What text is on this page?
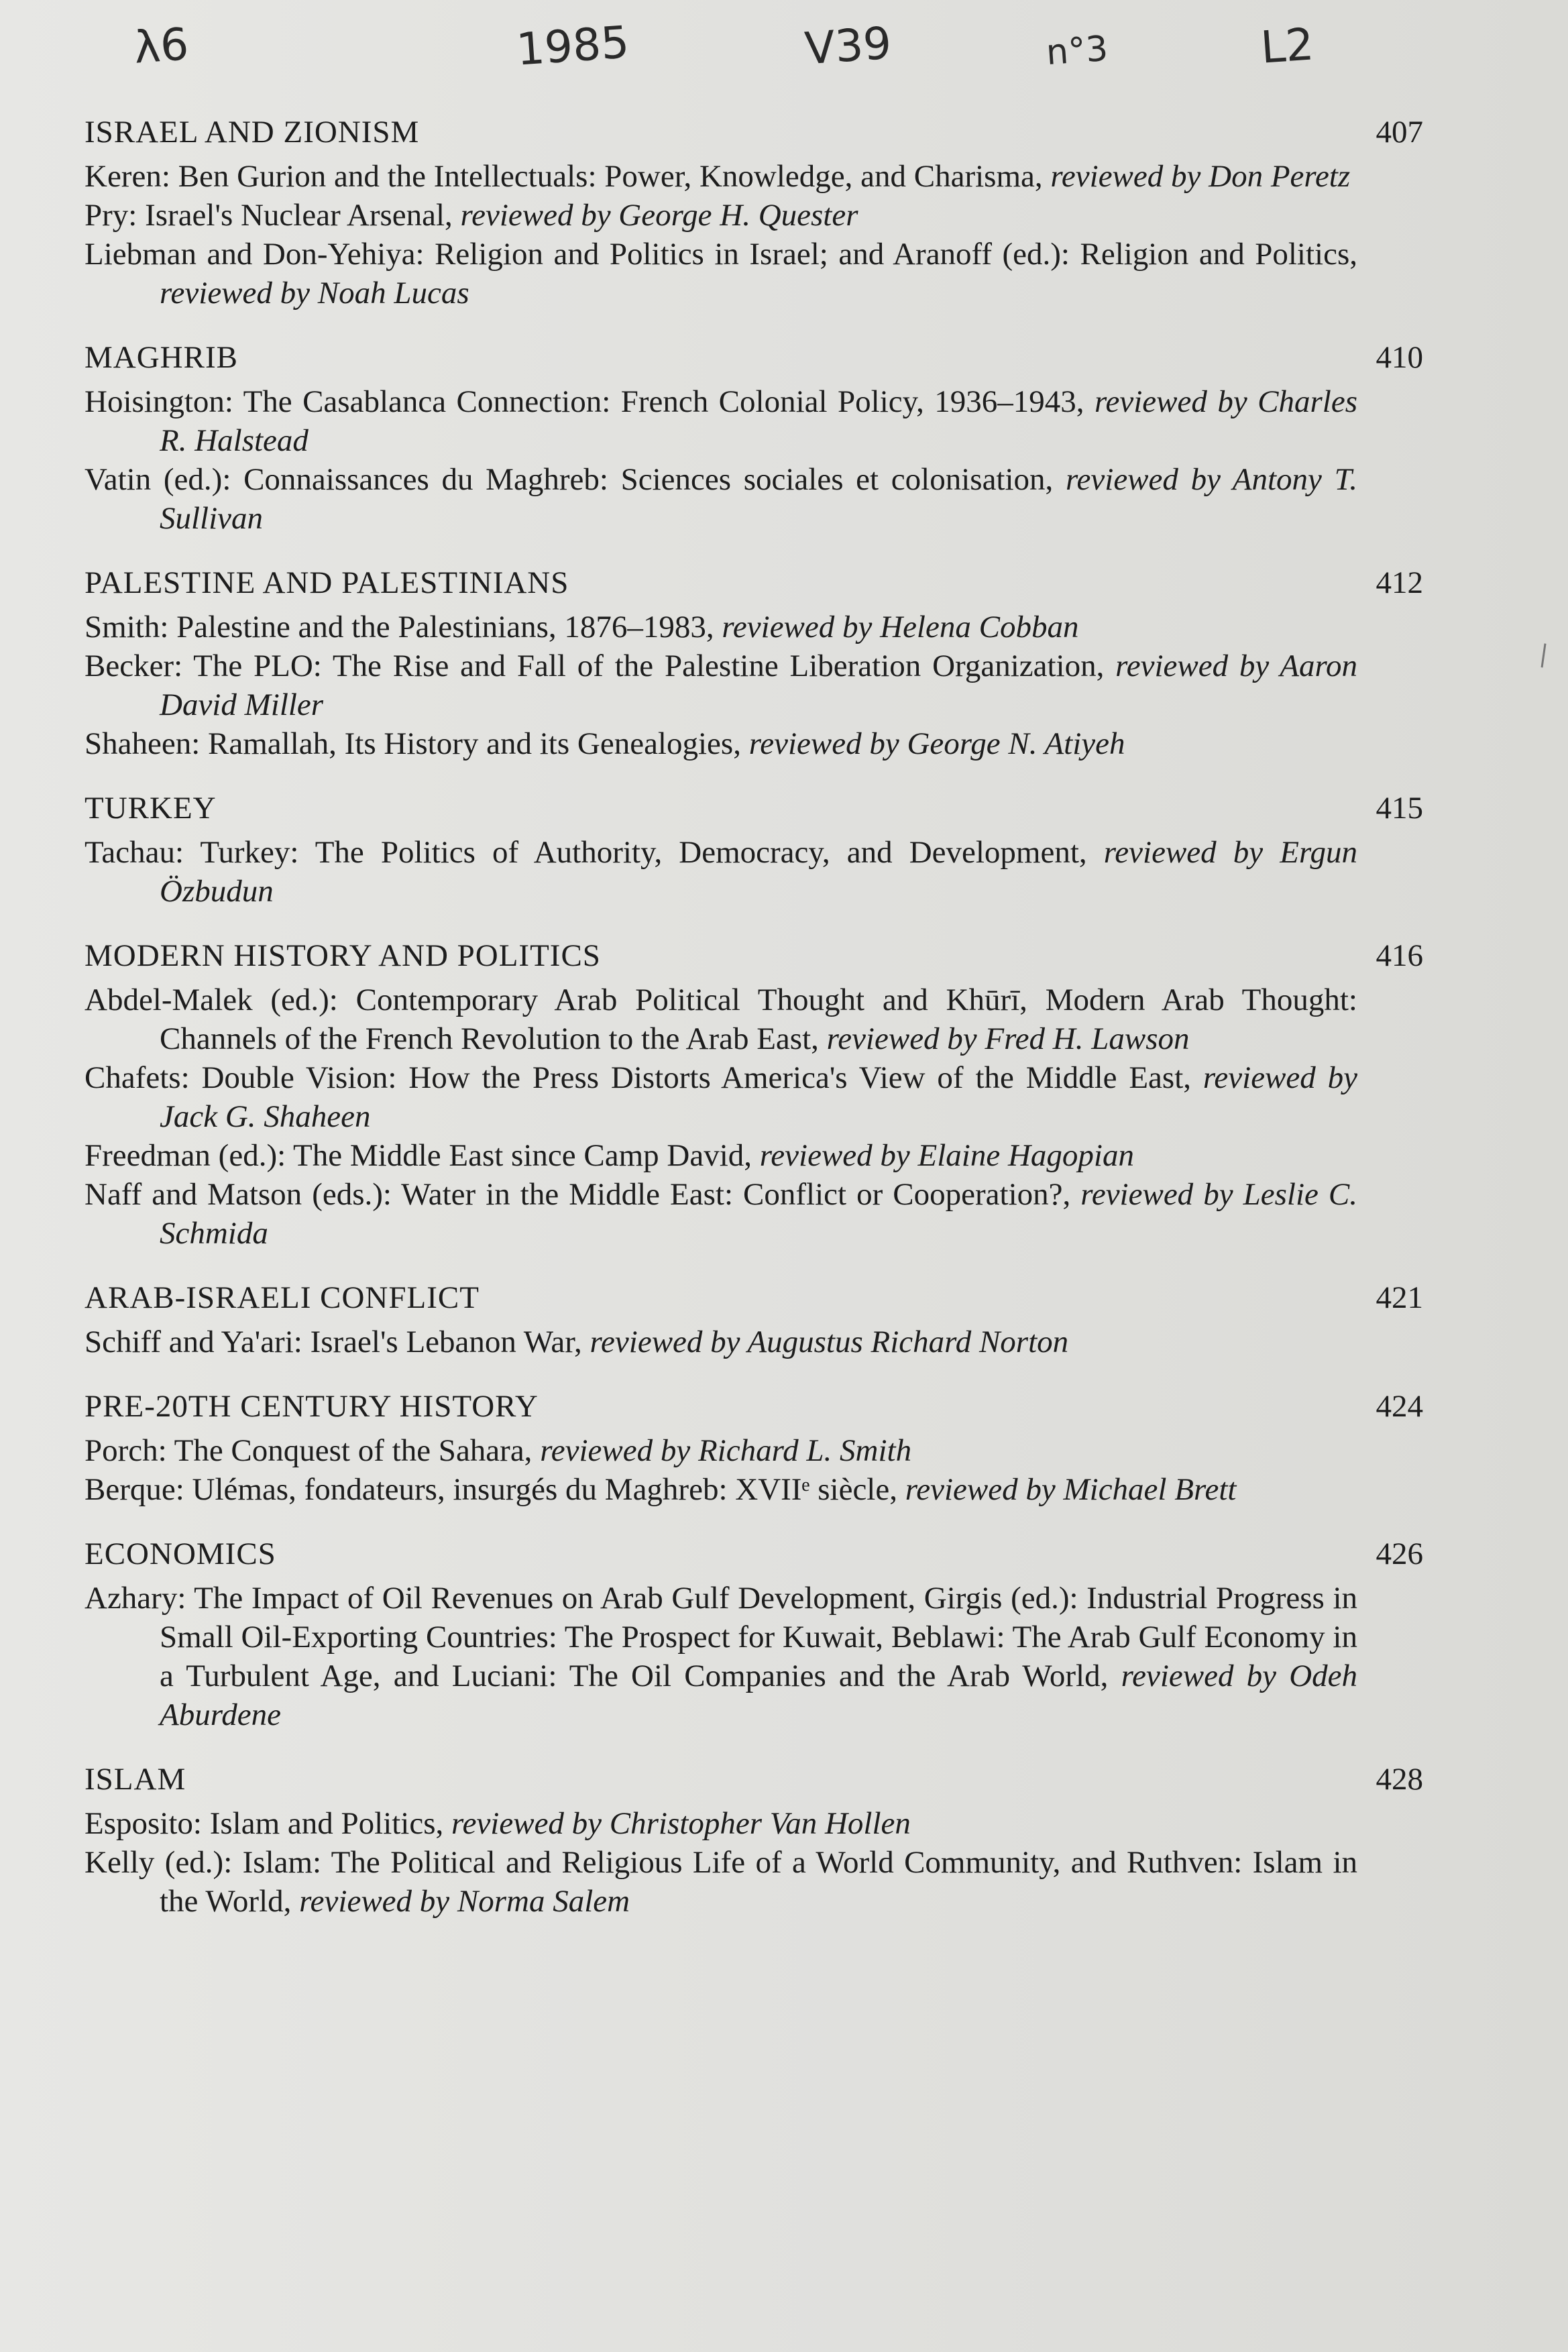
λ6	1985	V39	n°3	L2
ISRAEL AND ZIONISM	407
Keren: Ben Gurion and the Intellectuals: Power, Knowledge, and Charisma, reviewed by Don Peretz
Pry: Israel's Nuclear Arsenal, reviewed by George H. Quester
Liebman and Don-Yehiya: Religion and Politics in Israel; and Aranoff (ed.): Religion and Politics, reviewed by Noah Lucas
MAGHRIB	410
Hoisington: The Casablanca Connection: French Colonial Policy, 1936–1943, reviewed by Charles R. Halstead
Vatin (ed.): Connaissances du Maghreb: Sciences sociales et colonisation, reviewed by Antony T. Sullivan
PALESTINE AND PALESTINIANS	412
Smith: Palestine and the Palestinians, 1876–1983, reviewed by Helena Cobban
Becker: The PLO: The Rise and Fall of the Palestine Liberation Organization, reviewed by Aaron David Miller
Shaheen: Ramallah, Its History and its Genealogies, reviewed by George N. Atiyeh
TURKEY	415
Tachau: Turkey: The Politics of Authority, Democracy, and Development, reviewed by Ergun Özbudun
MODERN HISTORY AND POLITICS	416
Abdel-Malek (ed.): Contemporary Arab Political Thought and Khūrī, Modern Arab Thought: Channels of the French Revolution to the Arab East, reviewed by Fred H. Lawson
Chafets: Double Vision: How the Press Distorts America's View of the Middle East, reviewed by Jack G. Shaheen
Freedman (ed.): The Middle East since Camp David, reviewed by Elaine Hagopian
Naff and Matson (eds.): Water in the Middle East: Conflict or Cooperation?, reviewed by Leslie C. Schmida
ARAB-ISRAELI CONFLICT	421
Schiff and Ya'ari: Israel's Lebanon War, reviewed by Augustus Richard Norton
PRE-20TH CENTURY HISTORY	424
Porch: The Conquest of the Sahara, reviewed by Richard L. Smith
Berque: Ulémas, fondateurs, insurgés du Maghreb: XVIIᵉ siècle, reviewed by Michael Brett
ECONOMICS	426
Azhary: The Impact of Oil Revenues on Arab Gulf Development, Girgis (ed.): Industrial Progress in Small Oil-Exporting Countries: The Prospect for Kuwait, Beblawi: The Arab Gulf Economy in a Turbulent Age, and Luciani: The Oil Companies and the Arab World, reviewed by Odeh Aburdene
ISLAM	428
Esposito: Islam and Politics, reviewed by Christopher Van Hollen
Kelly (ed.): Islam: The Political and Religious Life of a World Community, and Ruthven: Islam in the World, reviewed by Norma Salem
